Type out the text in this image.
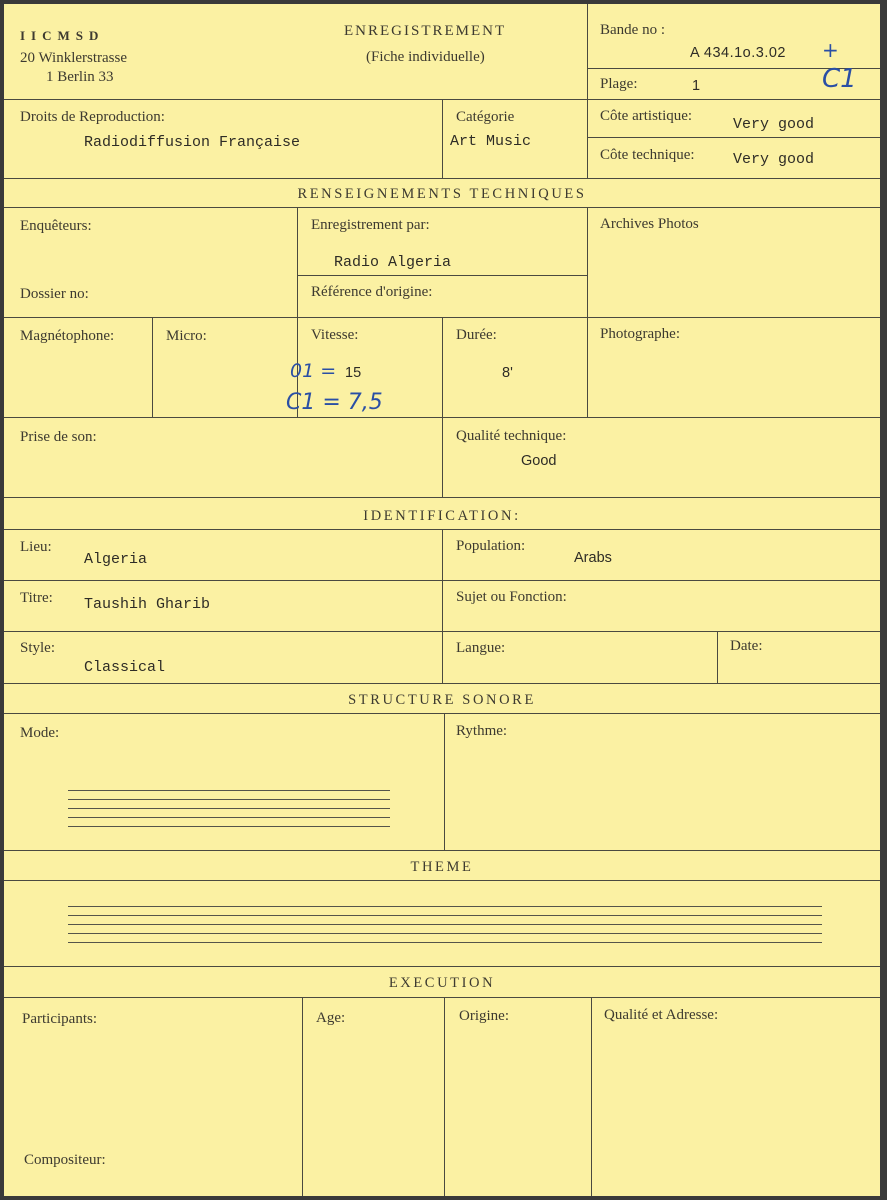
IICMSD
20 Winklerstrasse
1 Berlin 33
ENREGISTREMENT
(Fiche individuelle)
Bande no :
A 434.1o.3.02 +
Plage:	1	C1
Droits de Reproduction:
Radiodiffusion Française
Catégorie
Art Music
Côte artistique:	Very good
Côte technique:	Very good
RENSEIGNEMENTS TECHNIQUES
Enquêteurs:	Enregistrement par:
Radio Algeria
Archives Photos
Dossier no:	Référence d'origine:
Magnétophone:	Micro:	Vitesse:
01 = 15
C1 = 7,5
Durée:
8'
Photographe:
Prise de son:	Qualité technique:
Good
IDENTIFICATION:
Lieu:
Algeria
Population:
Arabs
Titre: Taushih Gharib	Sujet ou Fonction:
Style:
Classical
Langue:	Date:
STRUCTURE SONORE
Mode:	Rythme:
THEME
EXECUTION
Participants:	Age:	Origine:	Qualité et Adresse:
Compositeur:
